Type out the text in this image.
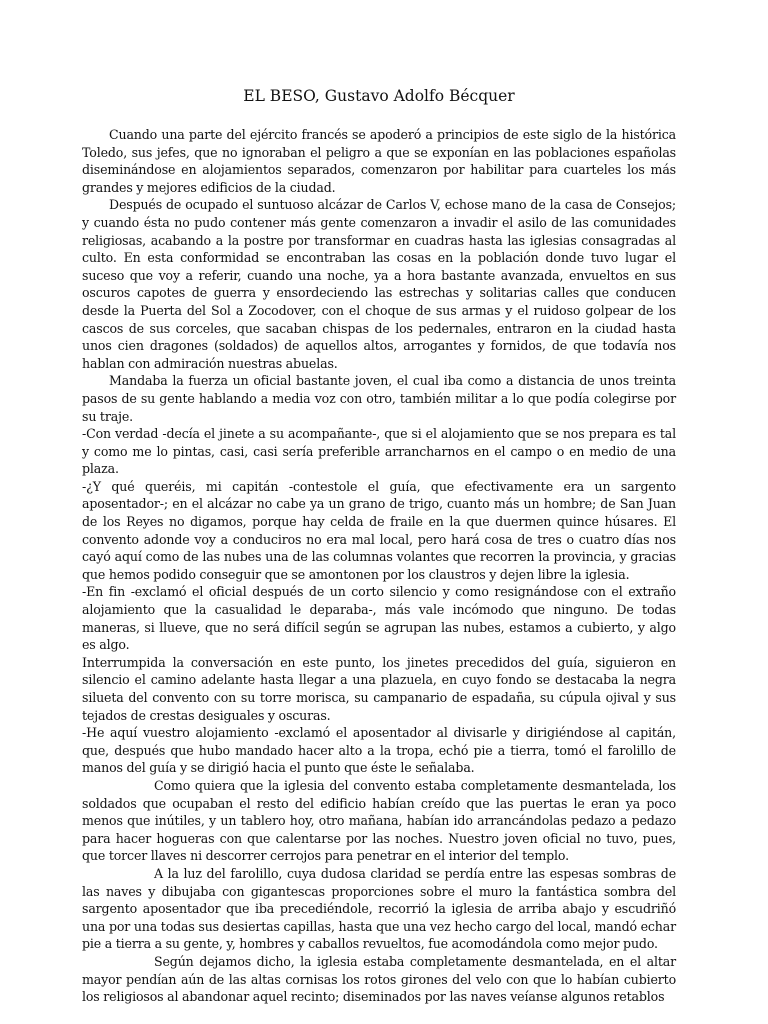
EL BESO, Gustavo Adolfo Bécquer

Cuando una parte del ejército francés se apoderó a principios de este siglo de la histórica Toledo, sus jefes, que no ignoraban el peligro a que se exponían en las poblaciones españolas diseminándose en alojamientos separados, comenzaron por habilitar para cuarteles los más grandes y mejores edificios de la ciudad.

Después de ocupado el suntuoso alcázar de Carlos V, echose mano de la casa de Consejos; y cuando ésta no pudo contener más gente comenzaron a invadir el asilo de las comunidades religiosas, acabando a la postre por transformar en cuadras hasta las iglesias consagradas al culto. En esta conformidad se encontraban las cosas en la población donde tuvo lugar el suceso que voy a referir, cuando una noche, ya a hora bastante avanzada, envueltos en sus oscuros capotes de guerra y ensordeciendo las estrechas y solitarias calles que conducen desde la Puerta del Sol a Zocodover, con el choque de sus armas y el ruidoso golpear de los cascos de sus corceles, que sacaban chispas de los pedernales, entraron en la ciudad hasta unos cien dragones (soldados) de aquellos altos, arrogantes y fornidos, de que todavía nos hablan con admiración nuestras abuelas.

Mandaba la fuerza un oficial bastante joven, el cual iba como a distancia de unos treinta pasos de su gente hablando a media voz con otro, también militar a lo que podía colegirse por su traje.

-Con verdad -decía el jinete a su acompañante-, que si el alojamiento que se nos prepara es tal y como me lo pintas, casi, casi sería preferible arrancharnos en el campo o en medio de una plaza.

-¿Y qué queréis, mi capitán -contestole el guía, que efectivamente era un sargento aposentador-; en el alcázar no cabe ya un grano de trigo, cuanto más un hombre; de San Juan de los Reyes no digamos, porque hay celda de fraile en la que duermen quince húsares. El convento adonde voy a conduciros no era mal local, pero hará cosa de tres o cuatro días nos cayó aquí como de las nubes una de las columnas volantes que recorren la provincia, y gracias que hemos podido conseguir que se amontonen por los claustros y dejen libre la iglesia.

-En fin -exclamó el oficial después de un corto silencio y como resignándose con el extraño alojamiento que la casualidad le deparaba-, más vale incómodo que ninguno. De todas maneras, si llueve, que no será difícil según se agrupan las nubes, estamos a cubierto, y algo es algo.

Interrumpida la conversación en este punto, los jinetes precedidos del guía, siguieron en silencio el camino adelante hasta llegar a una plazuela, en cuyo fondo se destacaba la negra silueta del convento con su torre morisca, su campanario de espadaña, su cúpula ojival y sus tejados de crestas desiguales y oscuras.

-He aquí vuestro alojamiento -exclamó el aposentador al divisarle y dirigiéndose al capitán, que, después que hubo mandado hacer alto a la tropa, echó pie a tierra, tomó el farolillo de manos del guía y se dirigió hacia el punto que éste le señalaba.

Como quiera que la iglesia del convento estaba completamente desmantelada, los soldados que ocupaban el resto del edificio habían creído que las puertas le eran ya poco menos que inútiles, y un tablero hoy, otro mañana, habían ido arrancándolas pedazo a pedazo para hacer hogueras con que calentarse por las noches. Nuestro joven oficial no tuvo, pues, que torcer llaves ni descorrer cerrojos para penetrar en el interior del templo.

A la luz del farolillo, cuya dudosa claridad se perdía entre las espesas sombras de las naves y dibujaba con gigantescas proporciones sobre el muro la fantástica sombra del sargento aposentador que iba precediéndole, recorrió la iglesia de arriba abajo y escudriñó una por una todas sus desiertas capillas, hasta que una vez hecho cargo del local, mandó echar pie a tierra a su gente, y, hombres y caballos revueltos, fue acomodándola como mejor pudo.

Según dejamos dicho, la iglesia estaba completamente desmantelada, en el altar mayor pendían aún de las altas cornisas los rotos girones del velo con que lo habían cubierto los religiosos al abandonar aquel recinto; diseminados por las naves veíanse algunos retablos
